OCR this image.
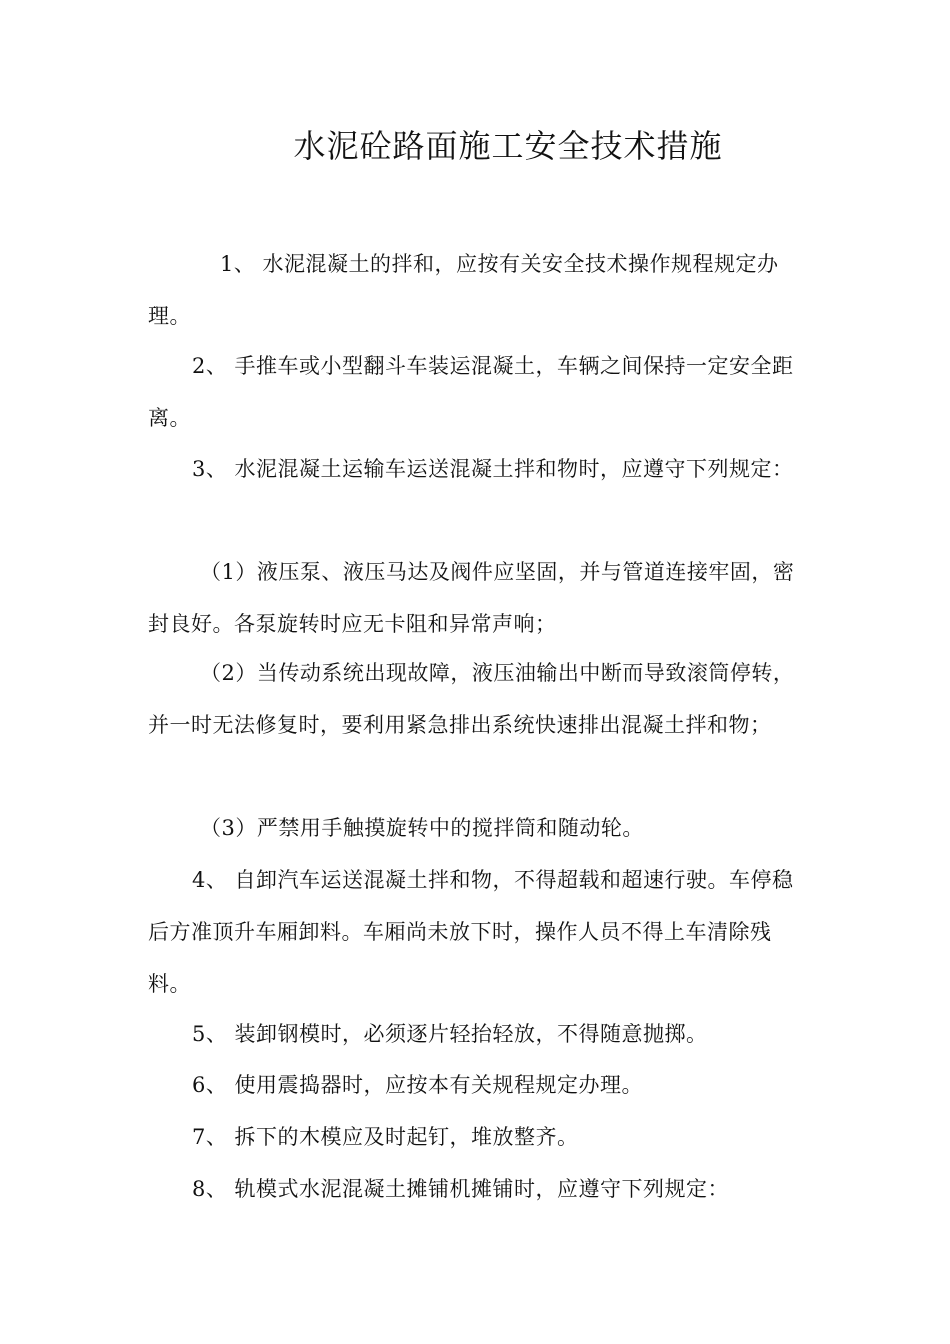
水泥砼路面施工安全技术措施

1、 水泥混凝土的拌和，应按有关安全技术操作规程规定办理。

2、 手推车或小型翻斗车装运混凝土，车辆之间保持一定安全距离。

3、 水泥混凝土运输车运送混凝土拌和物时，应遵守下列规定：

（1）液压泵、液压马达及阀件应坚固，并与管道连接牢固，密封良好。各泵旋转时应无卡阻和异常声响；

（2）当传动系统出现故障，液压油输出中断而导致滚筒停转，并一时无法修复时，要利用紧急排出系统快速排出混凝土拌和物；

（3）严禁用手触摸旋转中的搅拌筒和随动轮。

4、 自卸汽车运送混凝土拌和物，不得超载和超速行驶。车停稳后方准顶升车厢卸料。车厢尚未放下时，操作人员不得上车清除残料。

5、 装卸钢模时，必须逐片轻抬轻放，不得随意抛掷。

6、 使用震捣器时，应按本有关规程规定办理。

7、 拆下的木模应及时起钉，堆放整齐。

8、 轨模式水泥混凝土摊铺机摊铺时，应遵守下列规定：
